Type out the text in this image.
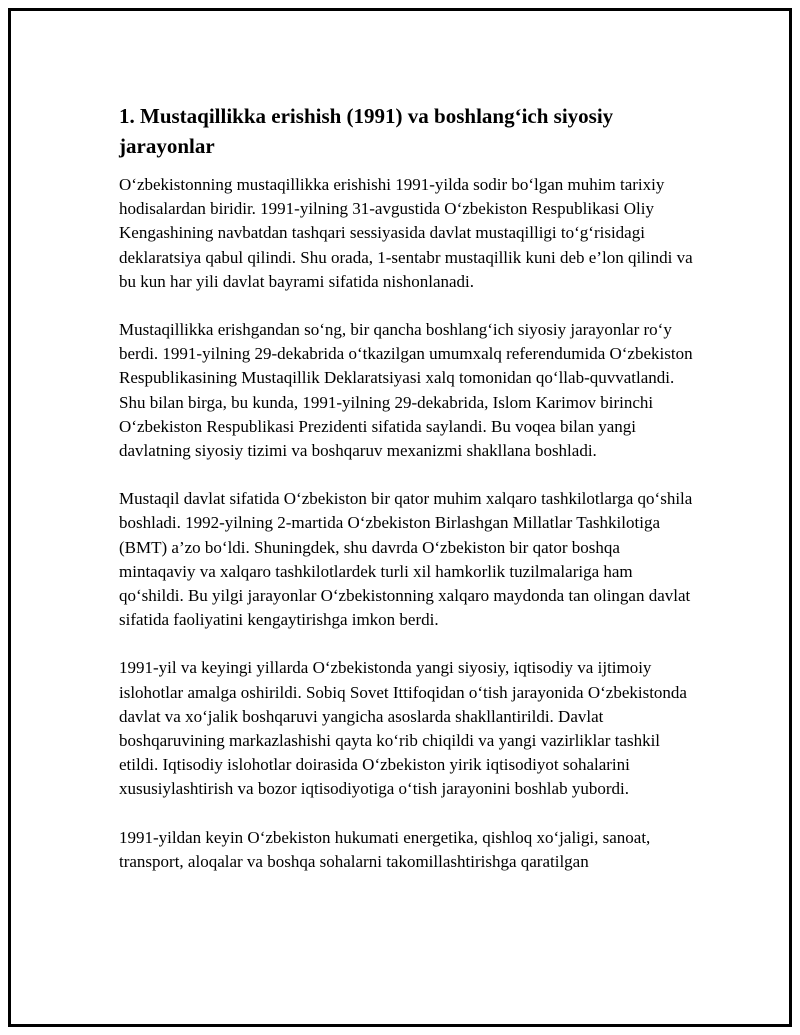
1. Mustaqillikka erishish (1991) va boshlang‘ich siyosiy jarayonlar

O‘zbekistonning mustaqillikka erishishi 1991-yilda sodir bo‘lgan muhim tarixiy hodisalardan biridir. 1991-yilning 31-avgustida O‘zbekiston Respublikasi Oliy Kengashining navbatdan tashqari sessiyasida davlat mustaqilligi to‘g‘risidagi deklaratsiya qabul qilindi. Shu orada, 1-sentabr mustaqillik kuni deb e’lon qilindi va bu kun har yili davlat bayrami sifatida nishonlanadi.

Mustaqillikka erishgandan so‘ng, bir qancha boshlang‘ich siyosiy jarayonlar ro‘y berdi. 1991-yilning 29-dekabrida o‘tkazilgan umumxalq referendumida O‘zbekiston Respublikasining Mustaqillik Deklaratsiyasi xalq tomonidan qo‘llab-quvvatlandi. Shu bilan birga, bu kunda, 1991-yilning 29-dekabrida, Islom Karimov birinchi O‘zbekiston Respublikasi Prezidenti sifatida saylandi. Bu voqea bilan yangi davlatning siyosiy tizimi va boshqaruv mexanizmi shakllana boshladi.

Mustaqil davlat sifatida O‘zbekiston bir qator muhim xalqaro tashkilotlarga qo‘shila boshladi. 1992-yilning 2-martida O‘zbekiston Birlashgan Millatlar Tashkilotiga (BMT) a’zo bo‘ldi. Shuningdek, shu davrda O‘zbekiston bir qator boshqa mintaqaviy va xalqaro tashkilotlardek turli xil hamkorlik tuzilmalariga ham qo‘shildi. Bu yilgi jarayonlar O‘zbekistonning xalqaro maydonda tan olingan davlat sifatida faoliyatini kengaytirishga imkon berdi.

1991-yil va keyingi yillarda O‘zbekistonda yangi siyosiy, iqtisodiy va ijtimoiy islohotlar amalga oshirildi. Sobiq Sovet Ittifoqidan o‘tish jarayonida O‘zbekistonda davlat va xo‘jalik boshqaruvi yangicha asoslarda shakllantirildi. Davlat boshqaruvining markazlashishi qayta ko‘rib chiqildi va yangi vazirliklar tashkil etildi. Iqtisodiy islohotlar doirasida O‘zbekiston yirik iqtisodiyot sohalarini xususiylashtirish va bozor iqtisodiyotiga o‘tish jarayonini boshlab yubordi.

1991-yildan keyin O‘zbekiston hukumati energetika, qishloq xo‘jaligi, sanoat, transport, aloqalar va boshqa sohalarni takomillashtirishga qaratilgan
